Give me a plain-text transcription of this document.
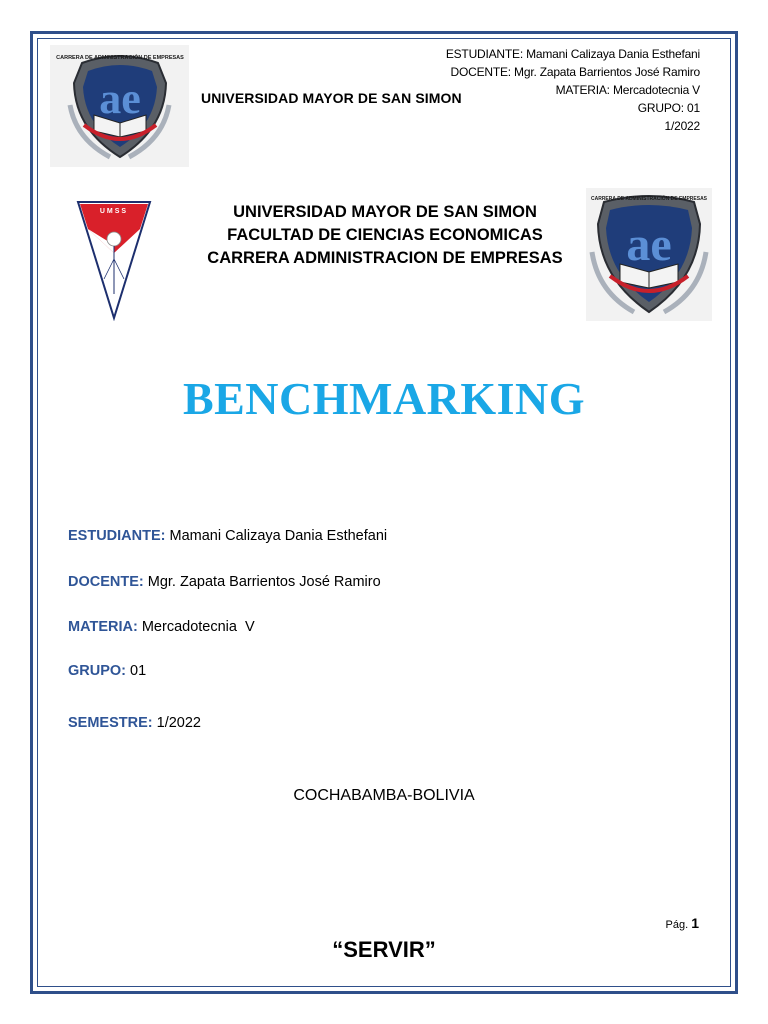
ae
CARRERA DE ADMINISTRACIÓN DE EMPRESAS
UNIVERSIDAD MAYOR DE SAN SIMON
ESTUDIANTE: Mamani Calizaya Dania Esthefani
DOCENTE: Mgr. Zapata Barrientos José Ramiro
MATERIA: Mercadotecnia V
GRUPO: 01
1/2022
UMSS	UNIVERSIDAD MAYOR DE SAN SIMON
FACULTAD DE CIENCIAS ECONOMICAS
CARRERA ADMINISTRACION DE EMPRESAS	ae
CARRERA DE ADMINISTRACIÓN DE EMPRESAS
BENCHMARKING
ESTUDIANTE: Mamani Calizaya Dania Esthefani
DOCENTE: Mgr. Zapata Barrientos José Ramiro
MATERIA: Mercadotecnia  V
GRUPO: 01
SEMESTRE: 1/2022
COCHABAMBA-BOLIVIA
Pág. 1
“SERVIR”
